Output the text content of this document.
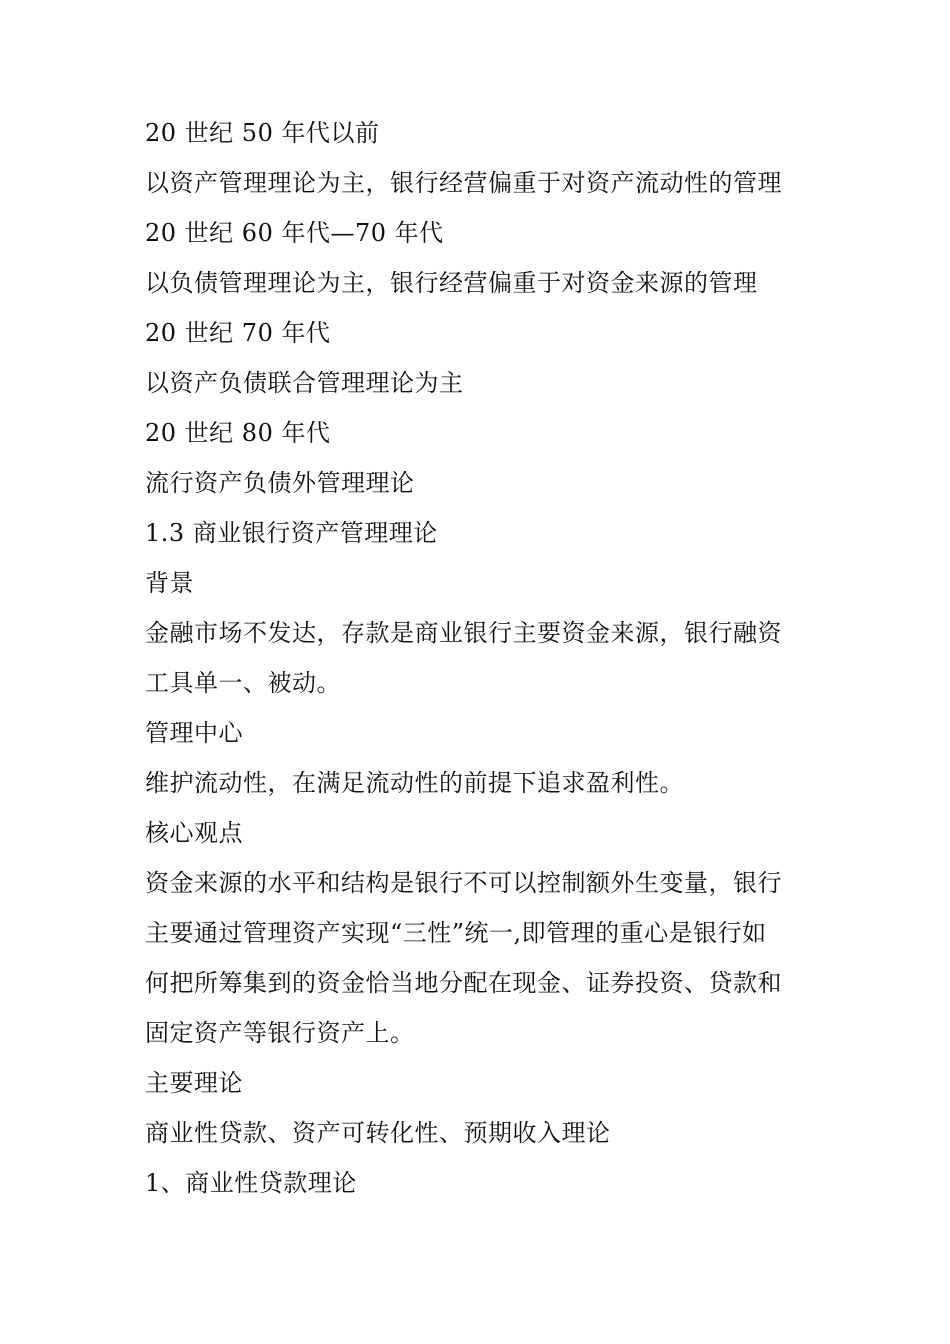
20 世纪 50 年代以前
以资产管理理论为主，银行经营偏重于对资产流动性的管理
20 世纪 60 年代—70 年代
以负债管理理论为主，银行经营偏重于对资金来源的管理
20 世纪 70 年代
以资产负债联合管理理论为主
20 世纪 80 年代
流行资产负债外管理理论
1.3 商业银行资产管理理论
背景
金融市场不发达，存款是商业银行主要资金来源，银行融资
工具单一、被动。
管理中心
维护流动性，在满足流动性的前提下追求盈利性。
核心观点
资金来源的水平和结构是银行不可以控制额外生变量，银行
主要通过管理资产实现“三性”统一,即管理的重心是银行如
何把所筹集到的资金恰当地分配在现金、证券投资、贷款和
固定资产等银行资产上。
主要理论
商业性贷款、资产可转化性、预期收入理论
1、商业性贷款理论
